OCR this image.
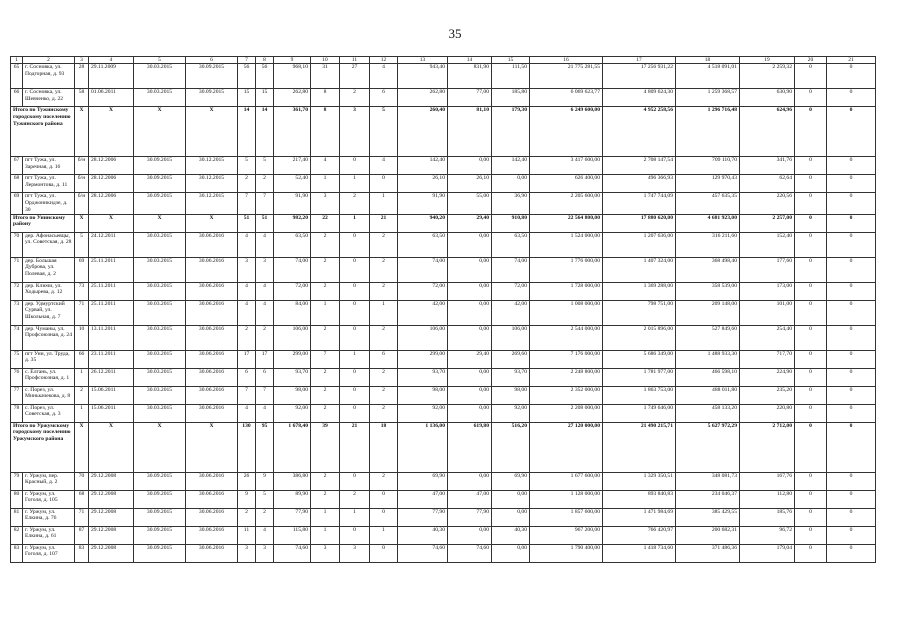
35
1	2	3	4	5	6	7	8	9	10	11	12	13	14	15	16	17	18	19	20	21
65	г. Сосновка, ул. Подгорная, д. 93	28	29.11.2009	30.03.2015	30.09.2015	56	56	968,10	31	27	4	943,40	831,90	111,50	21 775 281,55	17 256 931,22	4 518 091,01	2 259,32	0	0
66	г. Сосновка, ул. Шевченко, д. 22	58	01.06.2011	30.03.2015	30.09.2015	15	15	262,80	8	2	6	262,80	77,00	185,80	6 069 623,77	4 809 624,30	1 259 368,57	630,90	0	0
Итого по Тужинскому городскому поселению Тужинского района		X	X	X	X	14	14	361,70	8	3	5	260,40	81,10	179,30	6 249 600,00	4 952 258,56	1 296 716,48	624,96	0	0
67	пгт Тужа, ул. Заречная, д. 16	б/н	28.12.2006	30.09.2015	30.12.2015	5	5	217,40	4	0	4	142,40	0,00	142,40	3 417 600,00	2 708 147,54	709 110,70	341,76	0	0
68	пгт Тужа, ул. Лермонтова, д. 11	б/н	28.12.2006	30.09.2015	30.12.2015	2	2	52,40	1	1	0	26,10	26,10	0,00	626 400,00	496 366,93	129 970,43	62,64	0	0
69	пгт Тужа, ул. Орджоникидзе, д. 30	б/н	28.12.2006	30.09.2015	30.12.2015	7	7	91,90	3	2	1	91,90	55,00	36,90	2 205 600,00	1 747 744,09	457 635,35	220,56	0	0
Итого по Унинскому району		X	X	X	X	51	51	982,20	22	1	21	940,20	29,40	910,80	22 564 800,00	17 880 620,00	4 681 923,00	2 257,00	0	0
70	дер. Афонасьевцы, ул. Советская, д. 28	5	24.12.2011	30.03.2015	30.06.2016	4	4	63,50	2	0	2	63,50	0,00	63,50	1 524 000,00	1 207 636,00	316 211,60	152,40	0	0
71	дер. Большая Дуброва, ул. Полевая, д. 2	69	25.11.2011	30.03.2015	30.06.2016	3	3	74,00	2	0	2	74,00	0,00	74,00	1 776 000,00	1 407 324,00	368 498,40	177,60	0	0
72	дер. Ключи, ул. Ходырева, д. 12	73	25.11.2011	30.03.2015	30.06.2016	4	4	72,00	2	0	2	72,00	0,00	72,00	1 728 000,00	1 369 288,00	358 539,00	173,00	0	0
73	дер. Удмуртский Сурвай, ул. Школьная, д. 7	71	25.11.2011	30.03.2015	30.06.2016	4	4	84,00	1	0	1	42,00	0,00	42,00	1 008 000,00	798 751,00	209 148,00	101,00	0	0
74	дер. Чуманы, ул. Профсоюзная, д. 24	10	13.11.2011	30.03.2015	30.06.2016	2	2	106,00	2	0	2	106,00	0,00	106,00	2 544 000,00	2 015 896,00	527 849,60	254,40	0	0
75	пгт Уни, ул. Труда, д. 35	66	23.11.2011	30.03.2015	30.06.2016	17	17	299,00	7	1	6	299,00	29,40	269,60	7 176 000,00	5 686 349,00	1 488 933,30	717,70	0	0
76	с. Елгань, ул. Профсоюзная, д. 1	1	26.12.2011	30.03.2015	30.06.2016	6	6	93,70	2	0	2	93,70	0,00	93,70	2 248 800,00	1 781 977,00	466 598,10	224,90	0	0
77	с. Порез, ул. Минькачекова, д. 8	2	15.06.2011	30.03.2015	30.06.2016	7	7	98,00	2	0	2	98,00	0,00	98,00	2 352 000,00	1 863 753,00	488 011,80	235,20	0	0
78	с. Порез, ул. Советская, д. 3	1	15.06.2011	30.03.2015	30.06.2016	4	4	92,00	2	0	2	92,00	0,00	92,00	2 208 000,00	1 749 646,00	458 133,20	220,80	0	0
Итого по Уржумскому городскому поселению Уржумского района		X	X	X	X	130	95	1 678,40	39	21	18	1 136,00	619,80	516,20	27 120 000,00	21 490 215,71	5 627 972,29	2 712,00	0	0
79	г. Уржум, пер. Красный, д. 2	70	29.12.2008	30.09.2015	30.06.2016	26	9	386,80	2	0	2	69,90	0,00	69,90	1 677 600,00	1 329 350,51	348 081,73	167,76	0	0
80	г. Уржум, ул. Гоголя, д. 105	68	29.12.2008	30.09.2015	30.06.2016	9	5	89,90	2	2	0	47,00	47,00	0,00	1 128 000,00	893 840,83	234 046,37	112,80	0	0
81	г. Уржум, ул. Елкина, д. 76	71	29.12.2008	30.09.2015	30.06.2016	2	2	77,90	1	1	0	77,90	77,90	0,00	1 857 600,00	1 471 984,69	385 429,55	185,76	0	0
82	г. Уржум, ул. Елкина, д. 61	87	29.12.2008	30.09.2015	30.06.2016	11	4	115,80	1	0	1	40,30	0,00	40,30	967 200,00	766 420,97	200 682,31	96,72	0	0
83	г. Уржум, ул. Гоголя, д. 107	83	29.12.2008	30.09.2015	30.06.2016	3	3	74,60	3	3	0	74,60	74,60	0,00	1 790 400,00	1 418 734,60	371 486,36	179,04	0	0
